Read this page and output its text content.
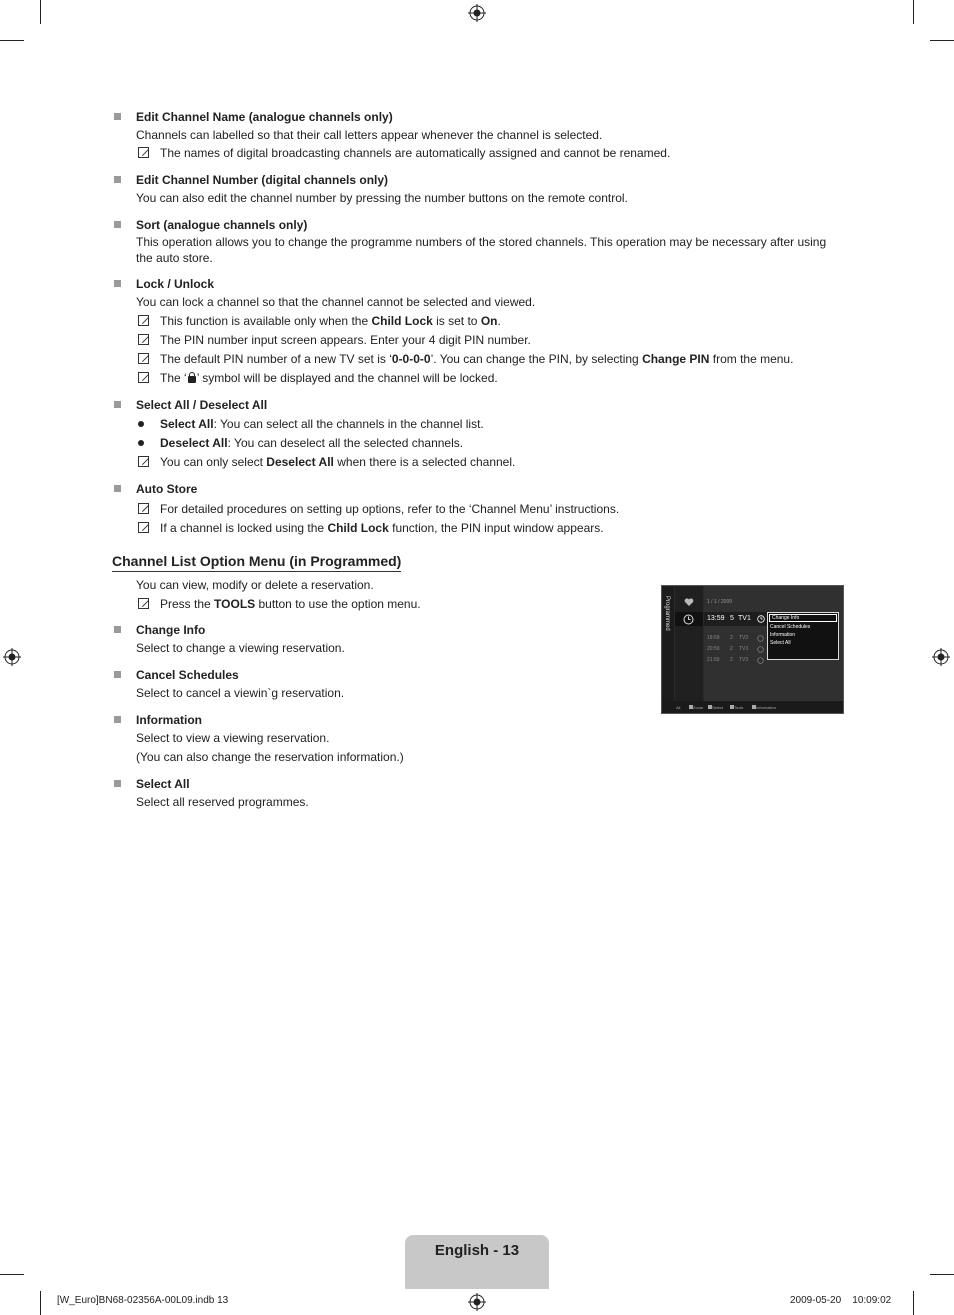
Edit Channel Name (analogue channels only)
Channels can labelled so that their call letters appear whenever the channel is selected.
The names of digital broadcasting channels are automatically assigned and cannot be renamed.
Edit Channel Number (digital channels only)
You can also edit the channel number by pressing the number buttons on the remote control.
Sort (analogue channels only)
This operation allows you to change the programme numbers of the stored channels. This operation may be necessary after using the auto store.
Lock / Unlock
You can lock a channel so that the channel cannot be selected and viewed.
This function is available only when the Child Lock is set to On.
The PIN number input screen appears. Enter your 4 digit PIN number.
The default PIN number of a new TV set is ‘0-0-0-0’. You can change the PIN, by selecting Change PIN from the menu.
The ‘ ’ symbol will be displayed and the channel will be locked.
Select All / Deselect All
Select All: You can select all the channels in the channel list.
Deselect All: You can deselect all the selected channels.
You can only select Deselect All when there is a selected channel.
Auto Store
For detailed procedures on setting up options, refer to the ‘Channel Menu’ instructions.
If a channel is locked using the Child Lock function, the PIN input window appears.
Channel List Option Menu (in Programmed)
You can view, modify or delete a reservation.
Press the TOOLS button to use the option menu.
Change Info
Select to change a viewing reservation.
Cancel Schedules
Select to cancel a viewin`g reservation.
Information
Select to view a viewing reservation.
(You can also change the reservation information.)
Select All
Select all reserved programmes.
Programmed	1 / 1 / 2009
13:59 5 TV1
18:59 2 TV3
20:59 2 TV3
21:59 2 TV3
Change Info
Cancel Schedules
Information
Select All
All	Zoom	Select	Tools	Information
English - 13
[W_Euro]BN68-02356A-00L09.indb 13	2009-05-20    10:09:02
